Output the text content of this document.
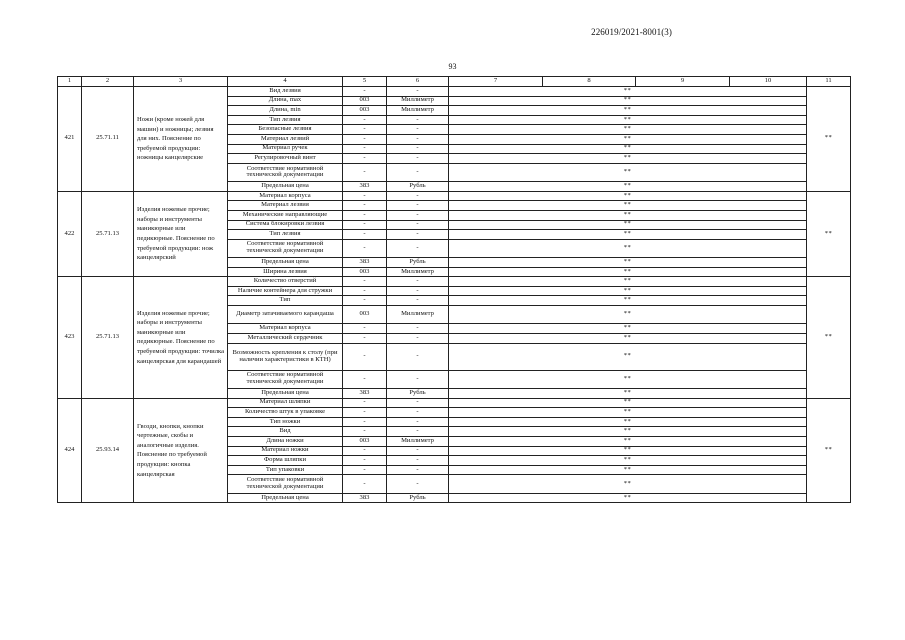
226019/2021-8001(3)
93
1	2	3	4	5	6	7	8	9	10	11
421	25.71.11	Ножи (кроме ножей для машин) и ножницы; лезвия для них. Пояснение по требуемой продукции: ножницы канцелярские	Вид лезвия	-	-	**				**
			Длина, max	003	Миллиметр	**				
			Длина, min	003	Миллиметр	**				
			Тип лезвия	-	-	**				
			Безопасные лезвия	-	-	**				
			Материал лезвий	-	-	**				
			Материал ручек	-	-	**				
			Регулировочный винт	-	-	**				
			Соответствие нормативной технической документации	-	-	**				
			Предельная цена	383	Рубль	**				
422	25.71.13	Изделия ножевые прочие; наборы и инструменты маникюрные или педикюрные. Пояснение по требуемой продукции: нож канцелярский	Материал корпуса	-	-	**				**
			Материал лезвия	-	-	**				
			Механические направляющие	-	-	**				
			Система блокировки лезвия	-	-	**				
			Тип лезвия	-	-	**				
			Соответствие нормативной технической документации	-	-	**				
			Предельная цена	383	Рубль	**				
			Ширина лезвия	003	Миллиметр	**				
423	25.71.13	Изделия ножевые прочие; наборы и инструменты маникюрные или педикюрные. Пояснение по требуемой продукции: точилка канцелярская для карандашей	Количество отверстий	-	-	**				**
			Наличие контейнера для стружки	-	-	**				
			Тип	-	-	**				
			Диаметр затачиваемого карандаша	003	Миллиметр	**				
			Материал корпуса	-	-	**				
			Металлический сердечник	-	-	**				
			Возможность крепления к столу (при наличии характеристики в КТН)	-	-	**				
			Соответствие нормативной технической документации	-	-	**				
			Предельная цена	383	Рубль	**				
424	25.93.14	Гвозди, кнопки, кнопки чертежные, скобы и аналогичные изделия. Пояснение по требуемой продукции: кнопка канцелярская	Материал шляпки	-	-	**				**
			Количество штук в упаковке	-	-	**				
			Тип ножки	-	-	**				
			Вид	-	-	**				
			Длина ножки	003	Миллиметр	**				
			Материал ножки	-	-	**				
			Форма шляпки	-	-	**				
			Тип упаковки	-	-	**				
			Соответствие нормативной технической документации	-	-	**				
			Предельная цена	383	Рубль	**				
